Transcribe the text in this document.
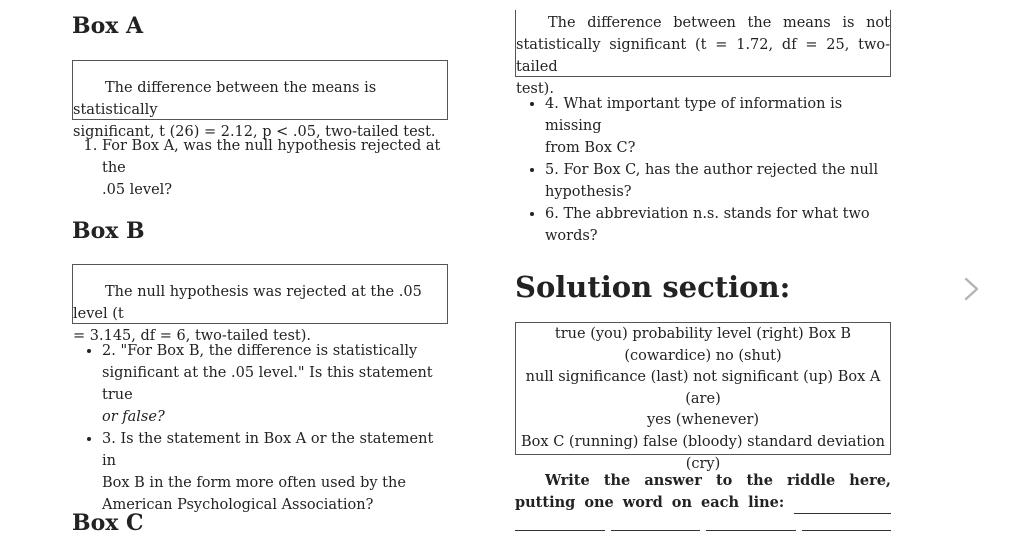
Box A

The difference between the means is statistically

significant, t (26) = 2.12, p < .05, two-tailed test.

1. For Box A, was the null hypothesis rejected at the
.05 level?
Box B

The null hypothesis was rejected at the .05 level (t

= 3.145, df = 6, two-tailed test).

• 2. "For Box B, the difference is statistically
significant at the .05 level." Is this statement true
or false?
• 3. Is the statement in Box A or the statement in
Box B in the form more often used by the
American Psychological Association?
Box C

The difference between the means is not

statistically significant (t = 1.72, df = 25, two-tailed

test).

• 4. What important type of information is missing
from Box C?
• 5. For Box C, has the author rejected the null
hypothesis?
• 6. The abbreviation n.s. stands for what two
words?
Solution section:
true (you) probability level (right) Box B
(cowardice) no (shut)
null significance (last) not significant (up) Box A (are)
yes (whenever)
Box C (running) false (bloody) standard deviation
(cry)
Write the answer to the riddle here,
putting one word on each line:
